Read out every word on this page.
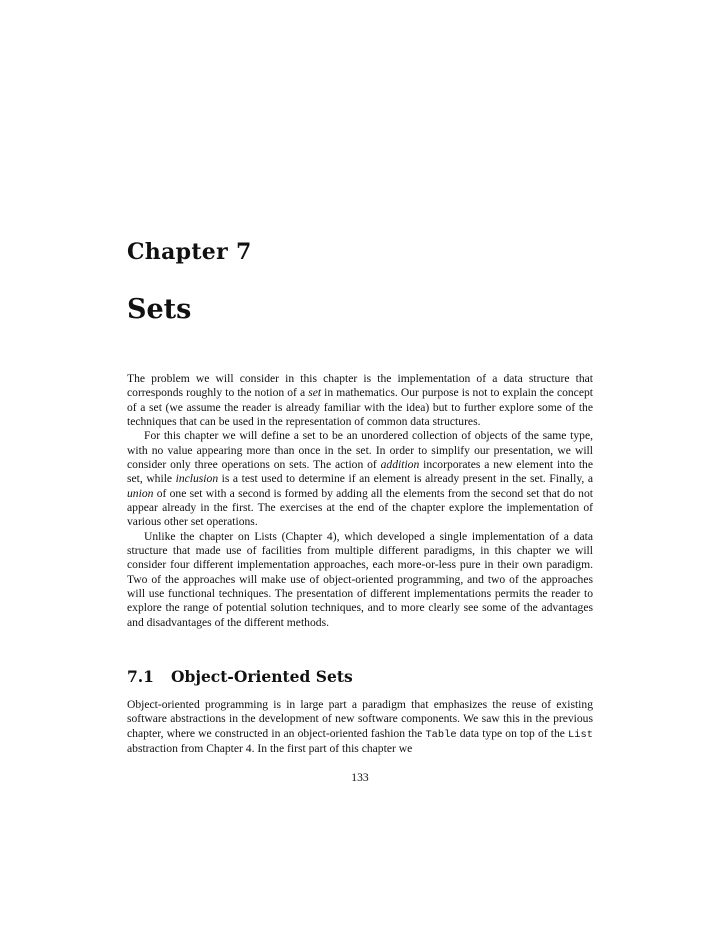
Chapter 7
Sets

The problem we will consider in this chapter is the implementation of a data structure that corresponds roughly to the notion of a set in mathematics. Our purpose is not to explain the concept of a set (we assume the reader is already familiar with the idea) but to further explore some of the techniques that can be used in the representation of common data structures.

For this chapter we will define a set to be an unordered collection of objects of the same type, with no value appearing more than once in the set. In order to simplify our presentation, we will consider only three operations on sets. The action of addition incorporates a new element into the set, while inclusion is a test used to determine if an element is already present in the set. Finally, a union of one set with a second is formed by adding all the elements from the second set that do not appear already in the first. The exercises at the end of the chapter explore the implementation of various other set operations.

Unlike the chapter on Lists (Chapter 4), which developed a single implementation of a data structure that made use of facilities from multiple different paradigms, in this chapter we will consider four different implementation approaches, each more-or-less pure in their own paradigm. Two of the approaches will make use of object-oriented programming, and two of the approaches will use functional techniques. The presentation of different implementations permits the reader to explore the range of potential solution techniques, and to more clearly see some of the advantages and disadvantages of the different methods.

7.1 Object-Oriented Sets

Object-oriented programming is in large part a paradigm that emphasizes the reuse of existing software abstractions in the development of new software components. We saw this in the previous chapter, where we constructed in an object-oriented fashion the Table data type on top of the List abstraction from Chapter 4. In the first part of this chapter we

133
